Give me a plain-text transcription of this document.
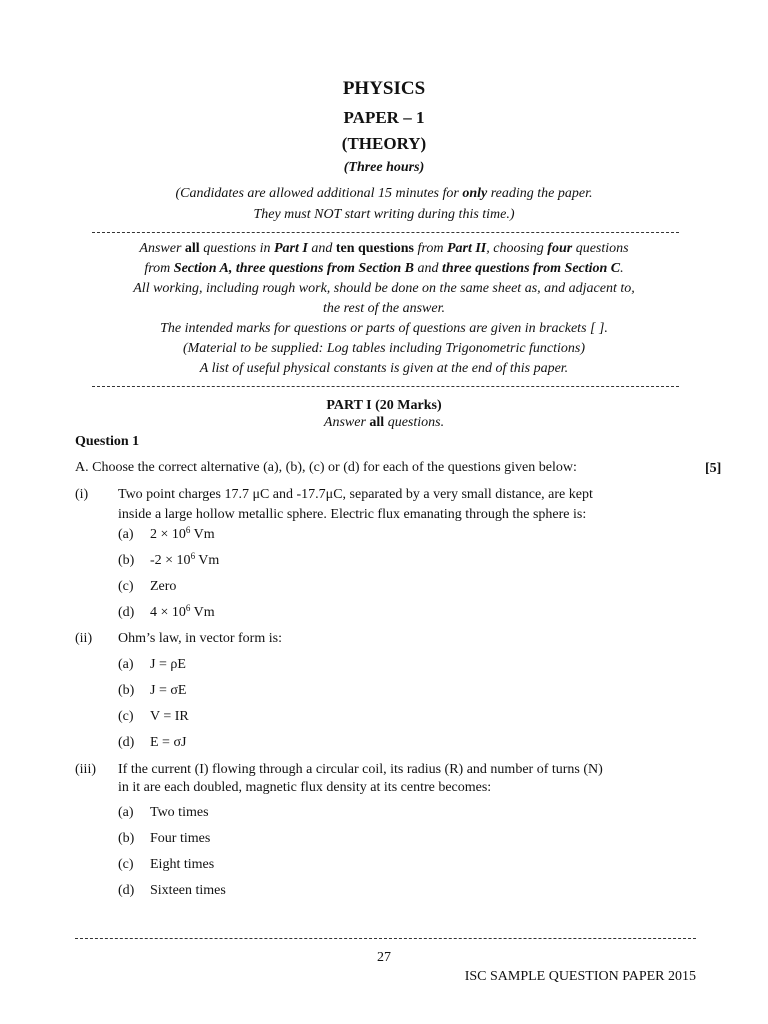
PHYSICS
PAPER – 1
(THEORY)
(Three hours)
(Candidates are allowed additional 15 minutes for only reading the paper.
They must NOT start writing during this time.)
Answer all questions in Part I and ten questions from Part II, choosing four questions
from Section A, three questions from Section B and three questions from Section C.
All working, including rough work, should be done on the same sheet as, and adjacent to,
the rest of the answer.
The intended marks for questions or parts of questions are given in brackets [ ].
(Material to be supplied: Log tables including Trigonometric functions)
A list of useful physical constants is given at the end of this paper.
PART I (20 Marks)
Answer all questions.
Question 1
A. Choose the correct alternative (a), (b), (c) or (d) for each of the questions given below:	[5]
(i) Two point charges 17.7 μC and -17.7μC, separated by a very small distance, are kept
inside a large hollow metallic sphere. Electric flux emanating through the sphere is:
(a) $2 \times 10^6$ Vm
(b) $-2 \times 10^6$ Vm
(c) Zero
(d) $4 \times 10^6$ Vm
(ii) Ohm’s law, in vector form is:
(a) J = ρE
(b) J = σE
(c) V = IR
(d) E = σJ
(iii) If the current (I) flowing through a circular coil, its radius (R) and number of turns (N)
in it are each doubled, magnetic flux density at its centre becomes:
(a) Two times
(b) Four times
(c) Eight times
(d) Sixteen times
27
ISC SAMPLE QUESTION PAPER 2015
